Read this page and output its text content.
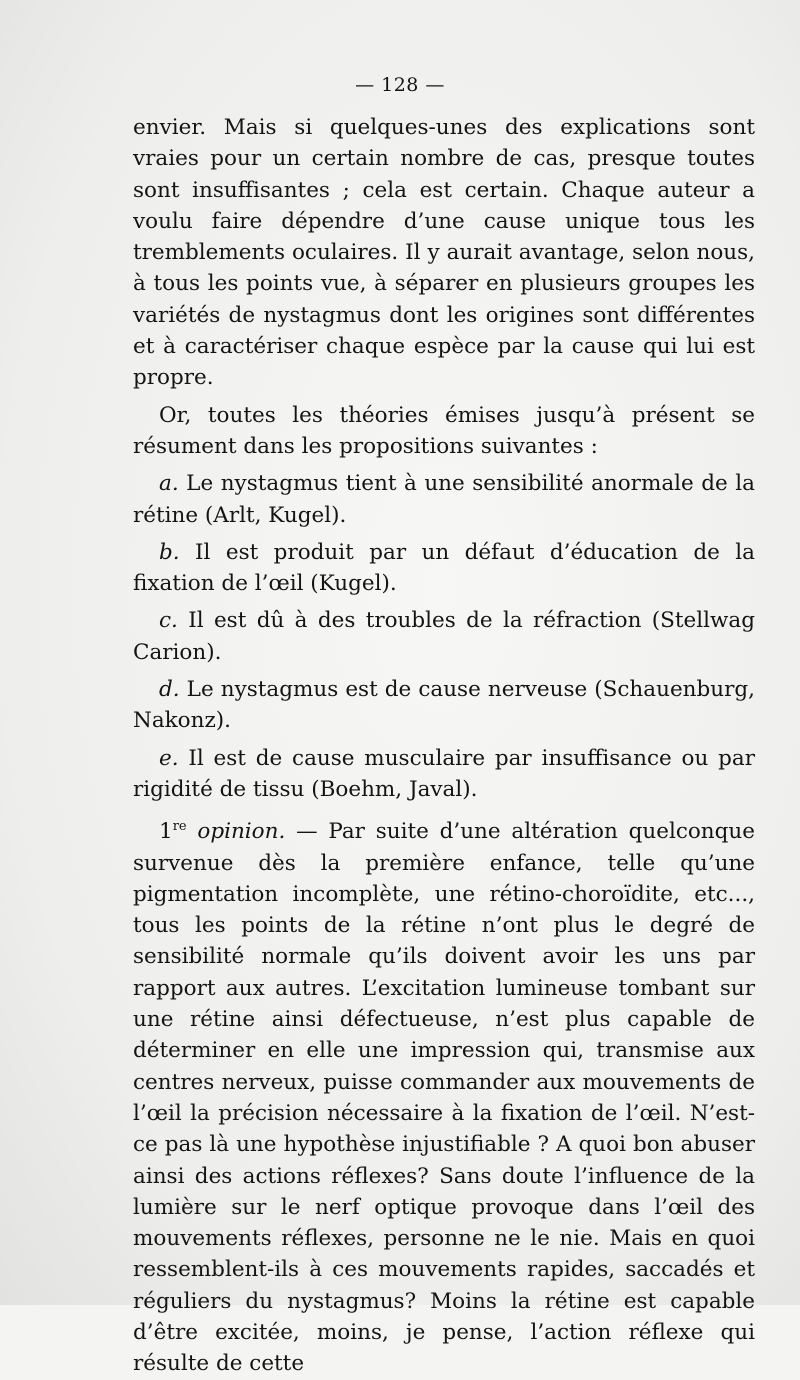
— 128 —

envier. Mais si quelques-unes des explications sont vraies pour un certain nombre de cas, presque toutes sont insuffisantes ; cela est certain. Chaque auteur a voulu faire dépendre d’une cause unique tous les tremblements oculaires. Il y aurait avantage, selon nous, à tous les points vue, à séparer en plusieurs groupes les variétés de nystagmus dont les origines sont différentes et à caractériser chaque espèce par la cause qui lui est propre.

Or, toutes les théories émises jusqu’à présent se résument dans les propositions suivantes :

a. Le nystagmus tient à une sensibilité anormale de la rétine (Arlt, Kugel).

b. Il est produit par un défaut d’éducation de la fixation de l’œil (Kugel).

c. Il est dû à des troubles de la réfraction (Stellwag Carion).

d. Le nystagmus est de cause nerveuse (Schauenburg, Nakonz).

e. Il est de cause musculaire par insuffisance ou par rigidité de tissu (Boehm, Javal).

1re opinion. — Par suite d’une altération quelconque survenue dès la première enfance, telle qu’une pigmentation incomplète, une rétino-choroïdite, etc..., tous les points de la rétine n’ont plus le degré de sensibilité normale qu’ils doivent avoir les uns par rapport aux autres. L’excitation lumineuse tombant sur une rétine ainsi défectueuse, n’est plus capable de déterminer en elle une impression qui, transmise aux centres nerveux, puisse commander aux mouvements de l’œil la précision nécessaire à la fixation de l’œil. N’est-ce pas là une hypothèse injustifiable ? A quoi bon abuser ainsi des actions réflexes? Sans doute l’influence de la lumière sur le nerf optique provoque dans l’œil des mouvements réflexes, personne ne le nie. Mais en quoi ressemblent-ils à ces mouvements rapides, saccadés et réguliers du nystagmus? Moins la rétine est capable d’être excitée, moins, je pense, l’action réflexe qui résulte de cette
